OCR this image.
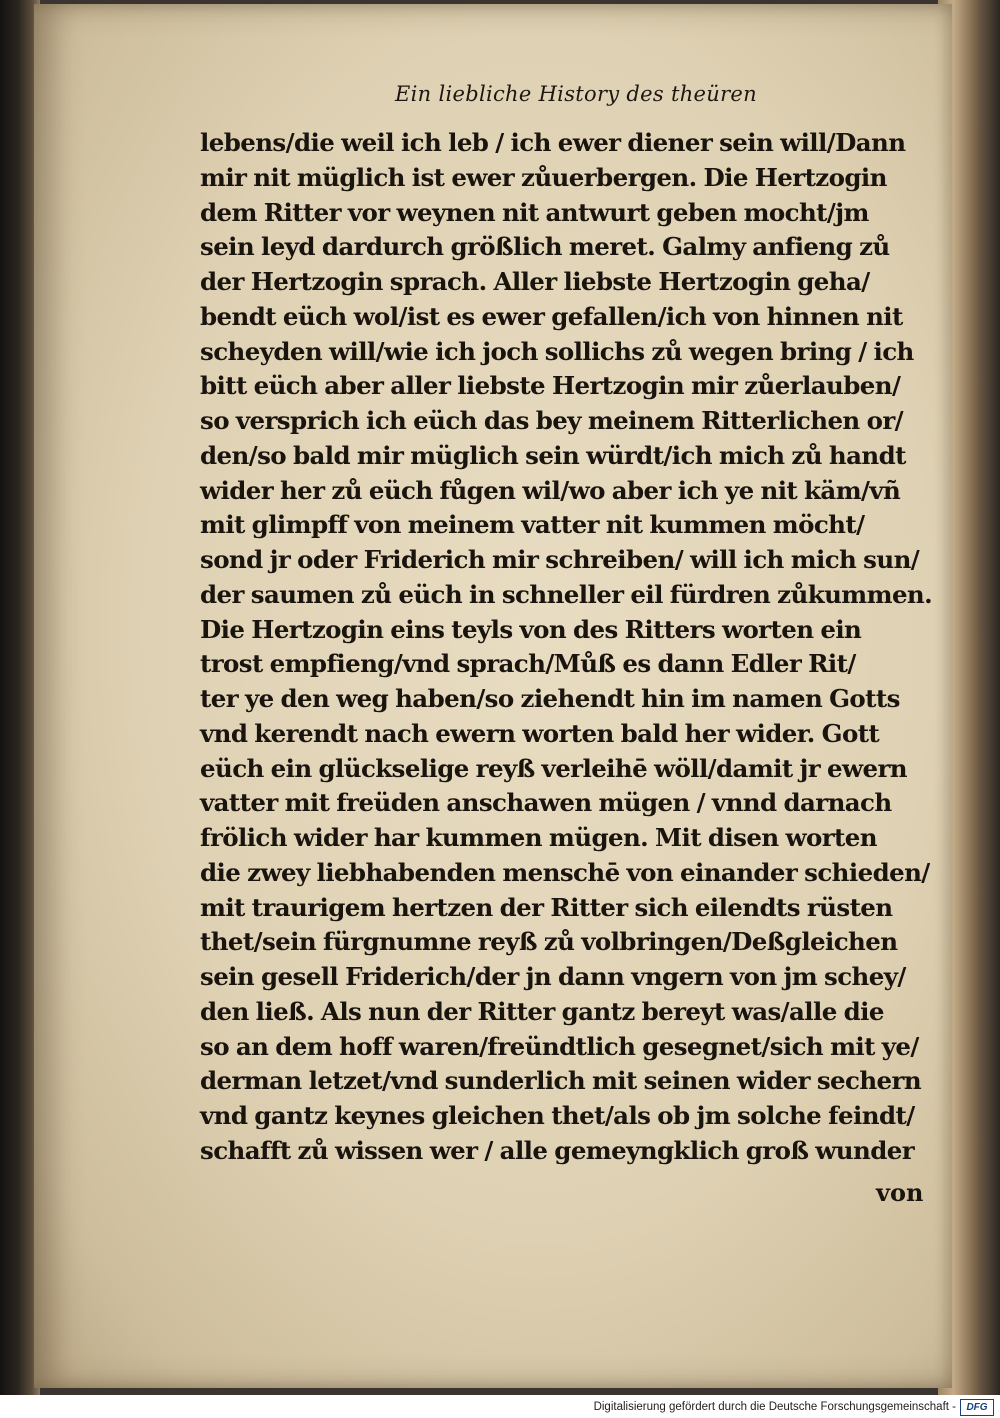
Ein liebliche History des theüren
lebens/die weil ich leb / ich ewer diener sein will/Dann
mir nit müglich ist ewer zůuerbergen. Die Hertzogin
dem Ritter vor weynen nit antwurt geben mocht/jm
sein leyd dardurch größlich meret. Galmy anfieng zů
der Hertzogin sprach. Aller liebste Hertzogin geha/
bendt eüch wol/ist es ewer gefallen/ich von hinnen nit
scheyden will/wie ich joch sollichs zů wegen bring / ich
bitt eüch aber aller liebste Hertzogin mir zůerlauben/
so versprich ich eüch das bey meinem Ritterlichen or/
den/so bald mir müglich sein würdt/ich mich zů handt
wider her zů eüch fůgen wil/wo aber ich ye nit käm/vñ
mit glimpff von meinem vatter nit kummen möcht/
sond jr oder Friderich mir schreiben/ will ich mich sun/
der saumen zů eüch in schneller eil fürdren zůkummen.
Die Hertzogin eins teyls von des Ritters worten ein
trost empfieng/vnd sprach/Můß es dann Edler Rit/
ter ye den weg haben/so ziehendt hin im namen Gotts
vnd kerendt nach ewern worten bald her wider. Gott
eüch ein glückselige reyß verleihē wöll/damit jr ewern
vatter mit freüden anschawen mügen / vnnd darnach
frölich wider har kummen mügen. Mit disen worten
die zwey liebhabenden menschē von einander schieden/
mit traurigem hertzen der Ritter sich eilendts rüsten
thet/sein fürgnumne reyß zů volbringen/Deßgleichen
sein gesell Friderich/der jn dann vngern von jm schey/
den ließ. Als nun der Ritter gantz bereyt was/alle die
so an dem hoff waren/freündtlich gesegnet/sich mit ye/
derman letzet/vnd sunderlich mit seinen wider sechern
vnd gantz keynes gleichen thet/als ob jm solche feindt/
schafft zů wissen wer / alle gemeyngklich groß wunder
von
Digitalisierung gefördert durch die Deutsche Forschungsgemeinschaft -	DFG
